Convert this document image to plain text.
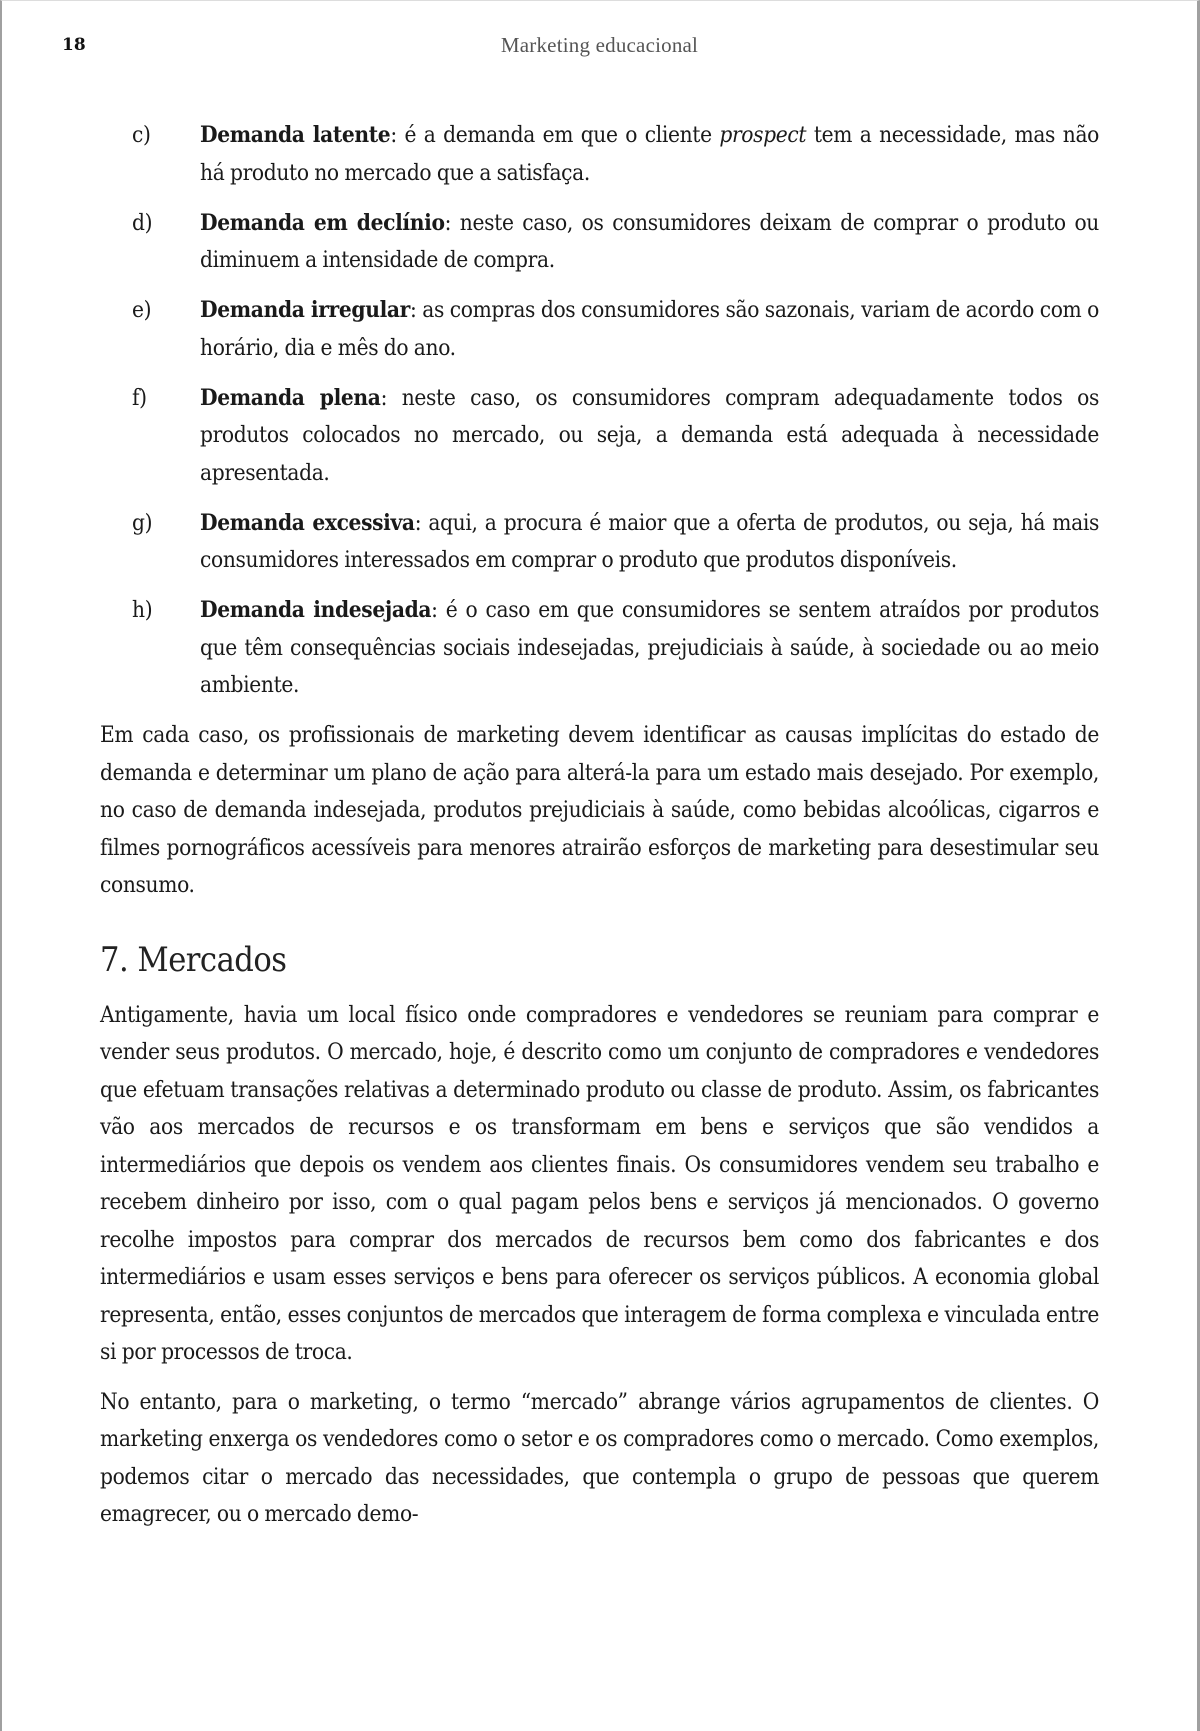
18	Marketing educacional
c) Demanda latente: é a demanda em que o cliente prospect tem a necessidade, mas não há produto no mercado que a satisfaça.
d) Demanda em declínio: neste caso, os consumidores deixam de comprar o produto ou diminuem a intensidade de compra.
e) Demanda irregular: as compras dos consumidores são sazonais, variam de acordo com o horário, dia e mês do ano.
f) Demanda plena: neste caso, os consumidores compram adequadamente todos os produtos colocados no mercado, ou seja, a demanda está adequada à necessidade apresentada.
g) Demanda excessiva: aqui, a procura é maior que a oferta de produtos, ou seja, há mais consumidores interessados em comprar o produto que produtos disponíveis.
h) Demanda indesejada: é o caso em que consumidores se sentem atraídos por produtos que têm consequências sociais indesejadas, prejudiciais à saúde, à sociedade ou ao meio ambiente.

Em cada caso, os profissionais de marketing devem identificar as causas implícitas do estado de demanda e determinar um plano de ação para alterá-la para um estado mais desejado. Por exemplo, no caso de demanda indesejada, produtos prejudiciais à saúde, como bebidas alcoólicas, cigarros e filmes pornográficos acessíveis para menores atrairão esforços de marketing para desestimular seu consumo.

7. Mercados

Antigamente, havia um local físico onde compradores e vendedores se reuniam para comprar e vender seus produtos. O mercado, hoje, é descrito como um conjunto de compradores e vendedores que efetuam transações relativas a determinado produto ou classe de produto. Assim, os fabricantes vão aos mercados de recursos e os transformam em bens e serviços que são vendidos a intermediários que depois os vendem aos clientes finais. Os consumidores vendem seu trabalho e recebem dinheiro por isso, com o qual pagam pelos bens e serviços já mencionados. O governo recolhe impostos para comprar dos mercados de recursos bem como dos fabricantes e dos intermediários e usam esses serviços e bens para oferecer os serviços públicos. A economia global representa, então, esses conjuntos de mercados que interagem de forma complexa e vinculada entre si por processos de troca.

No entanto, para o marketing, o termo “mercado” abrange vários agrupamentos de clientes. O marketing enxerga os vendedores como o setor e os compradores como o mercado. Como exemplos, podemos citar o mercado das necessidades, que contempla o grupo de pessoas que querem emagrecer, ou o mercado demo-
